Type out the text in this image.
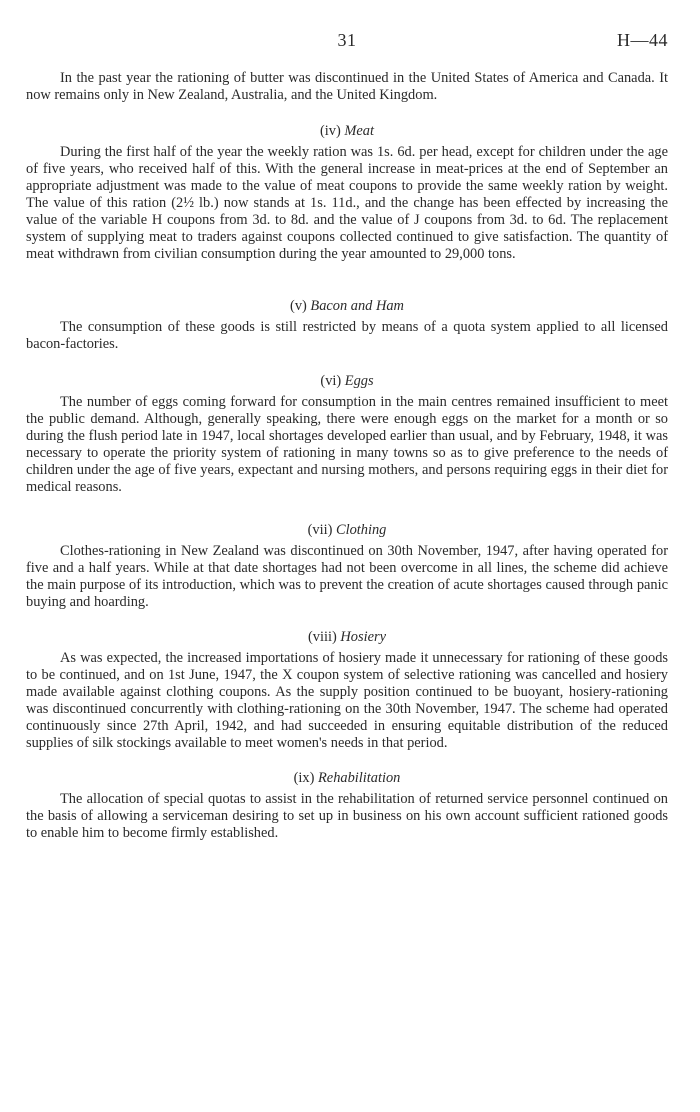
31	H—44

In the past year the rationing of butter was discontinued in the United States of America and Canada. It now remains only in New Zealand, Australia, and the United Kingdom.

(iv) Meat

During the first half of the year the weekly ration was 1s. 6d. per head, except for children under the age of five years, who received half of this. With the general increase in meat-prices at the end of September an appropriate adjustment was made to the value of meat coupons to provide the same weekly ration by weight. The value of this ration (2½ lb.) now stands at 1s. 11d., and the change has been effected by increasing the value of the variable H coupons from 3d. to 8d. and the value of J coupons from 3d. to 6d. The replacement system of supplying meat to traders against coupons collected continued to give satisfaction. The quantity of meat withdrawn from civilian consumption during the year amounted to 29,000 tons.

(v) Bacon and Ham

The consumption of these goods is still restricted by means of a quota system applied to all licensed bacon-factories.

(vi) Eggs

The number of eggs coming forward for consumption in the main centres remained insufficient to meet the public demand. Although, generally speaking, there were enough eggs on the market for a month or so during the flush period late in 1947, local shortages developed earlier than usual, and by February, 1948, it was necessary to operate the priority system of rationing in many towns so as to give preference to the needs of children under the age of five years, expectant and nursing mothers, and persons requiring eggs in their diet for medical reasons.

(vii) Clothing

Clothes-rationing in New Zealand was discontinued on 30th November, 1947, after having operated for five and a half years. While at that date shortages had not been overcome in all lines, the scheme did achieve the main purpose of its introduction, which was to prevent the creation of acute shortages caused through panic buying and hoarding.

(viii) Hosiery

As was expected, the increased importations of hosiery made it unnecessary for rationing of these goods to be continued, and on 1st June, 1947, the X coupon system of selective rationing was cancelled and hosiery made available against clothing coupons. As the supply position continued to be buoyant, hosiery-rationing was discontinued concurrently with clothing-rationing on the 30th November, 1947. The scheme had operated continuously since 27th April, 1942, and had succeeded in ensuring equitable distribution of the reduced supplies of silk stockings available to meet women's needs in that period.

(ix) Rehabilitation

The allocation of special quotas to assist in the rehabilitation of returned service personnel continued on the basis of allowing a serviceman desiring to set up in business on his own account sufficient rationed goods to enable him to become firmly established.
